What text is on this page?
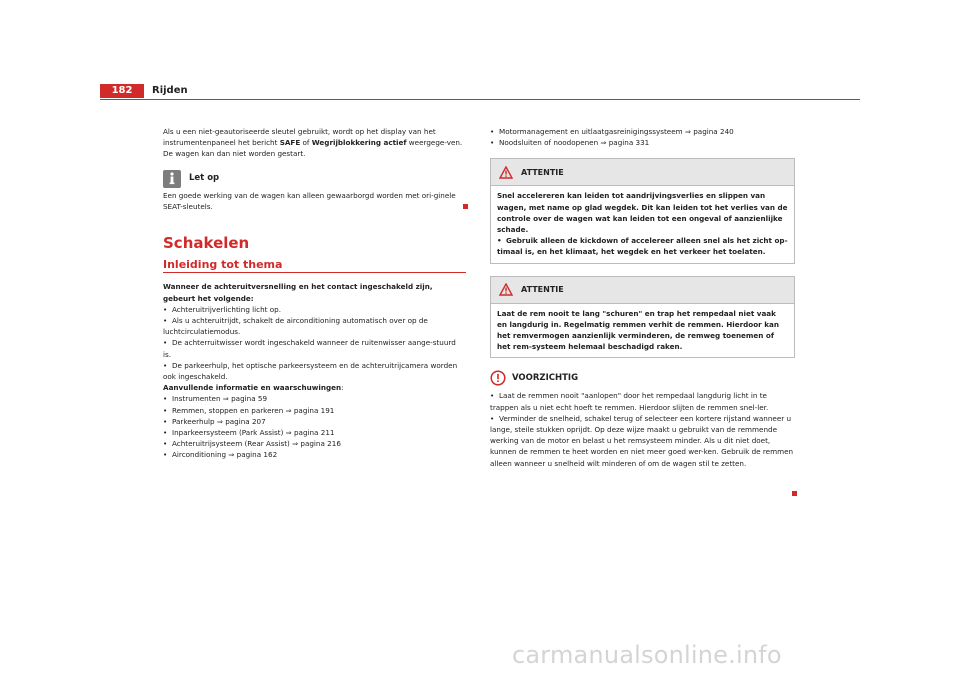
182	Rijden

Als u een niet-geautoriseerde sleutel gebruikt, wordt op het display van het instrumentenpaneel het bericht SAFE of Wegrijblokkering actief weergege-ven. De wagen kan dan niet worden gestart.

Let op

Een goede werking van de wagen kan alleen gewaarborgd worden met ori-ginele SEAT-sleutels.

Schakelen
Inleiding tot thema

Wanneer de achteruitversnelling en het contact ingeschakeld zijn, gebeurt het volgende:

• Achteruitrijverlichting licht op.

• Als u achteruitrijdt, schakelt de airconditioning automatisch over op de luchtcirculatiemodus.

• De achterruitwisser wordt ingeschakeld wanneer de ruitenwisser aange-stuurd is.

• De parkeerhulp, het optische parkeersysteem en de achteruitrijcamera worden ook ingeschakeld.

Aanvullende informatie en waarschuwingen:

• Instrumenten ⇒ pagina 59

• Remmen, stoppen en parkeren ⇒ pagina 191

• Parkeerhulp ⇒ pagina 207

• Inparkeersysteem (Park Assist) ⇒ pagina 211

• Achteruitrijsysteem (Rear Assist) ⇒ pagina 216

• Airconditioning ⇒ pagina 162

• Motormanagement en uitlaatgasreinigingssysteem ⇒ pagina 240

• Noodsluiten of noodopenen ⇒ pagina 331

ATTENTIE

Snel accelereren kan leiden tot aandrijvingsverlies en slippen van wagen, met name op glad wegdek. Dit kan leiden tot het verlies van de controle over de wagen wat kan leiden tot een ongeval of aanzienlijke schade.

• Gebruik alleen de kickdown of accelereer alleen snel als het zicht op-timaal is, en het klimaat, het wegdek en het verkeer het toelaten.

ATTENTIE

Laat de rem nooit te lang "schuren" en trap het rempedaal niet vaak en langdurig in. Regelmatig remmen verhit de remmen. Hierdoor kan het remvermogen aanzienlijk verminderen, de remweg toenemen of het rem-systeem helemaal beschadigd raken.

VOORZICHTIG

• Laat de remmen nooit "aanlopen" door het rempedaal langdurig licht in te trappen als u niet echt hoeft te remmen. Hierdoor slijten de remmen snel-ler.

• Verminder de snelheid, schakel terug of selecteer een kortere rijstand wanneer u lange, steile stukken oprijdt. Op deze wijze maakt u gebruikt van de remmende werking van de motor en belast u het remsysteem minder. Als u dit niet doet, kunnen de remmen te heet worden en niet meer goed wer-ken. Gebruik de remmen alleen wanneer u snelheid wilt minderen of om de wagen stil te zetten.

carmanualsonline.info
